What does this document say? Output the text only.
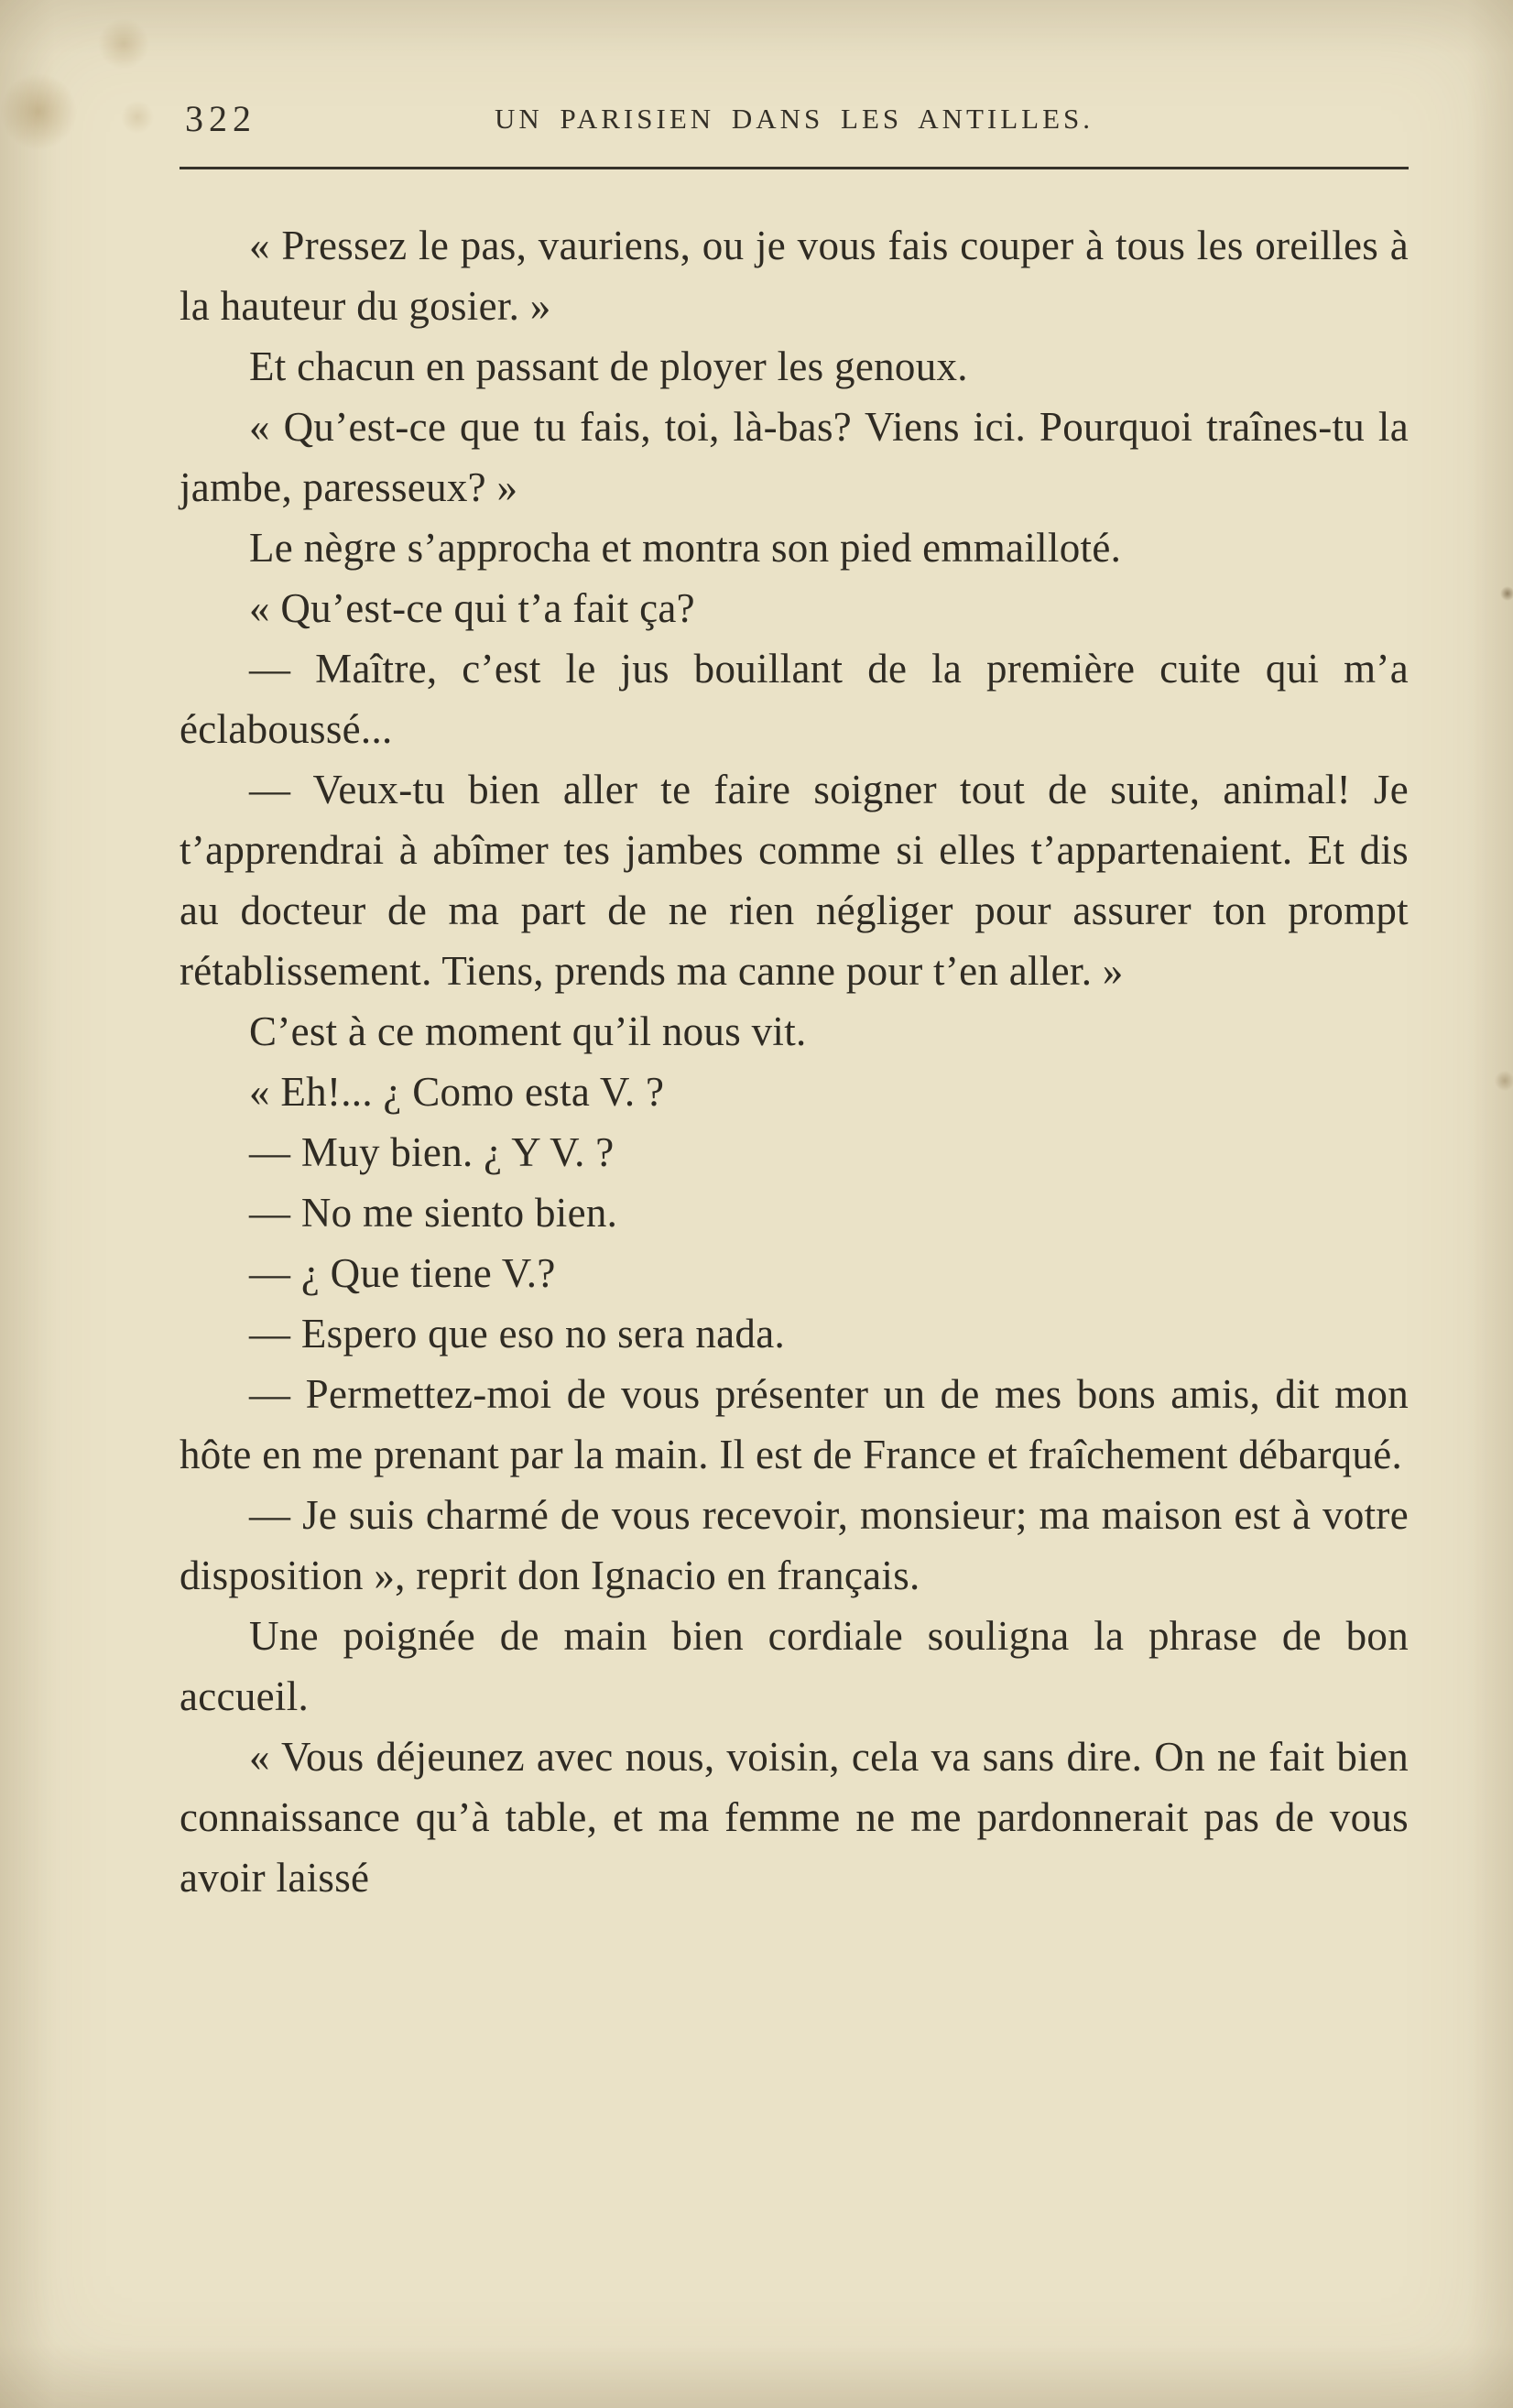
322	UN PARISIEN DANS LES ANTILLES.

« Pressez le pas, vauriens, ou je vous fais couper à tous les oreilles à la hauteur du gosier. »

Et chacun en passant de ployer les genoux.

« Qu’est-ce que tu fais, toi, là-bas? Viens ici. Pourquoi traînes-tu la jambe, paresseux? »

Le nègre s’approcha et montra son pied emmailloté.

« Qu’est-ce qui t’a fait ça?

— Maître, c’est le jus bouillant de la première cuite qui m’a éclaboussé...

— Veux-tu bien aller te faire soigner tout de suite, animal! Je t’apprendrai à abîmer tes jambes comme si elles t’appartenaient. Et dis au docteur de ma part de ne rien négliger pour assurer ton prompt rétablissement. Tiens, prends ma canne pour t’en aller. »

C’est à ce moment qu’il nous vit.

« Eh!... ¿ Como esta V. ?

— Muy bien. ¿ Y V. ?

— No me siento bien.

— ¿ Que tiene V.?

— Espero que eso no sera nada.

— Permettez-moi de vous présenter un de mes bons amis, dit mon hôte en me prenant par la main. Il est de France et fraîchement débarqué.

— Je suis charmé de vous recevoir, monsieur; ma maison est à votre disposition », reprit don Ignacio en français.

Une poignée de main bien cordiale souligna la phrase de bon accueil.

« Vous déjeunez avec nous, voisin, cela va sans dire. On ne fait bien connaissance qu’à table, et ma femme ne me pardonnerait pas de vous avoir laissé
